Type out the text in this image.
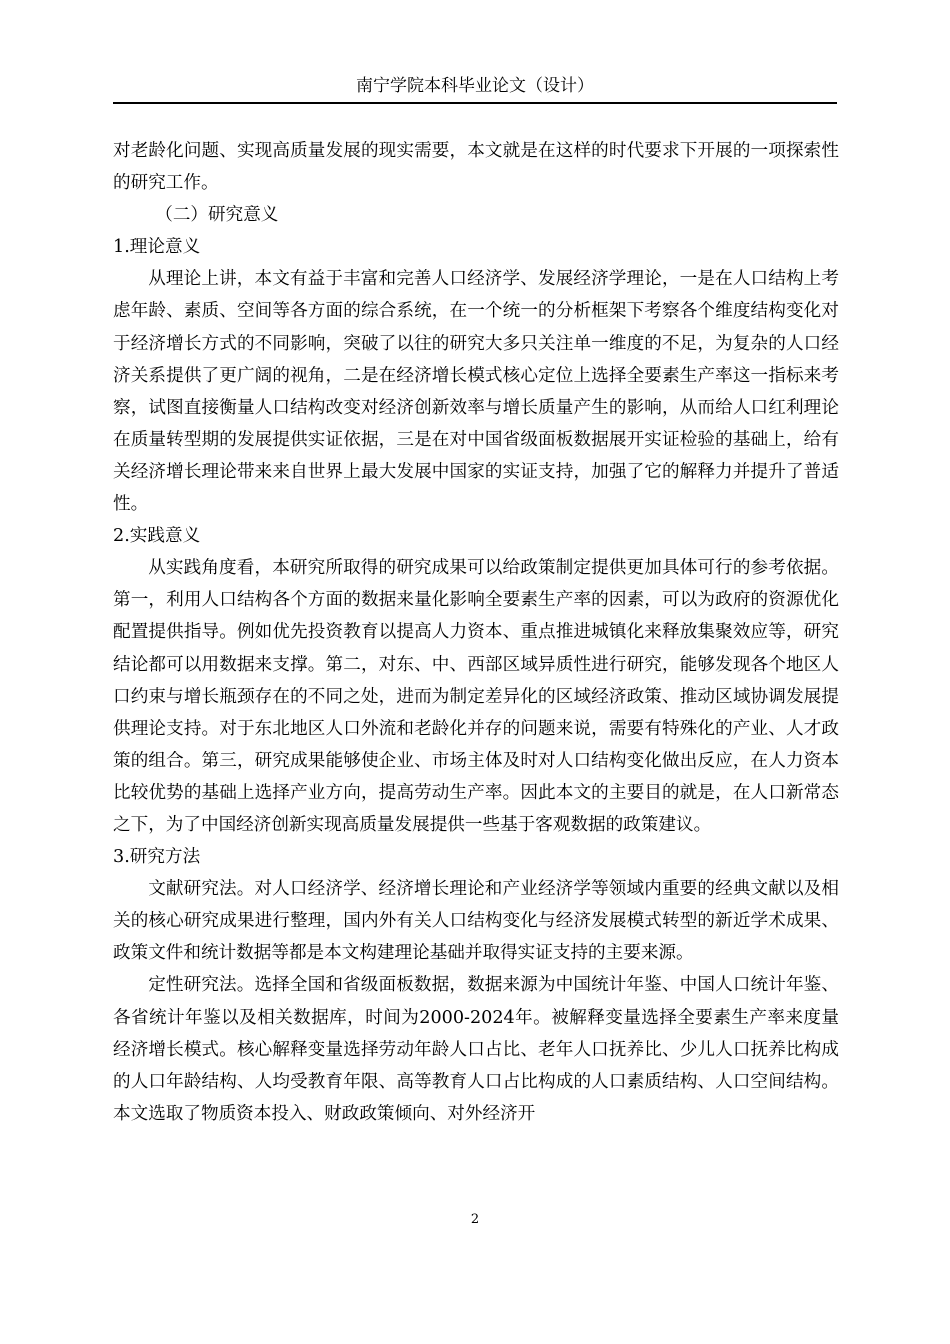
南宁学院本科毕业论文（设计）

对老龄化问题、实现高质量发展的现实需要，本文就是在这样的时代要求下开展的一项探索性的研究工作。

（二）研究意义

1.理论意义

从理论上讲，本文有益于丰富和完善人口经济学、发展经济学理论，一是在人口结构上考虑年龄、素质、空间等各方面的综合系统，在一个统一的分析框架下考察各个维度结构变化对于经济增长方式的不同影响，突破了以往的研究大多只关注单一维度的不足，为复杂的人口经济关系提供了更广阔的视角，二是在经济增长模式核心定位上选择全要素生产率这一指标来考察，试图直接衡量人口结构改变对经济创新效率与增长质量产生的影响，从而给人口红利理论在质量转型期的发展提供实证依据，三是在对中国省级面板数据展开实证检验的基础上，给有关经济增长理论带来来自世界上最大发展中国家的实证支持，加强了它的解释力并提升了普适性。

2.实践意义

从实践角度看，本研究所取得的研究成果可以给政策制定提供更加具体可行的参考依据。第一，利用人口结构各个方面的数据来量化影响全要素生产率的因素，可以为政府的资源优化配置提供指导。例如优先投资教育以提高人力资本、重点推进城镇化来释放集聚效应等，研究结论都可以用数据来支撑。第二，对东、中、西部区域异质性进行研究，能够发现各个地区人口约束与增长瓶颈存在的不同之处，进而为制定差异化的区域经济政策、推动区域协调发展提供理论支持。对于东北地区人口外流和老龄化并存的问题来说，需要有特殊化的产业、人才政策的组合。第三，研究成果能够使企业、市场主体及时对人口结构变化做出反应，在人力资本比较优势的基础上选择产业方向，提高劳动生产率。因此本文的主要目的就是，在人口新常态之下，为了中国经济创新实现高质量发展提供一些基于客观数据的政策建议。

3.研究方法

文献研究法。对人口经济学、经济增长理论和产业经济学等领域内重要的经典文献以及相关的核心研究成果进行整理，国内外有关人口结构变化与经济发展模式转型的新近学术成果、政策文件和统计数据等都是本文构建理论基础并取得实证支持的主要来源。

定性研究法。选择全国和省级面板数据，数据来源为中国统计年鉴、中国人口统计年鉴、各省统计年鉴以及相关数据库，时间为2000-2024年。被解释变量选择全要素生产率来度量经济增长模式。核心解释变量选择劳动年龄人口占比、老年人口抚养比、少儿人口抚养比构成的人口年龄结构、人均受教育年限、高等教育人口占比构成的人口素质结构、人口空间结构。本文选取了物质资本投入、财政政策倾向、对外经济开

2
